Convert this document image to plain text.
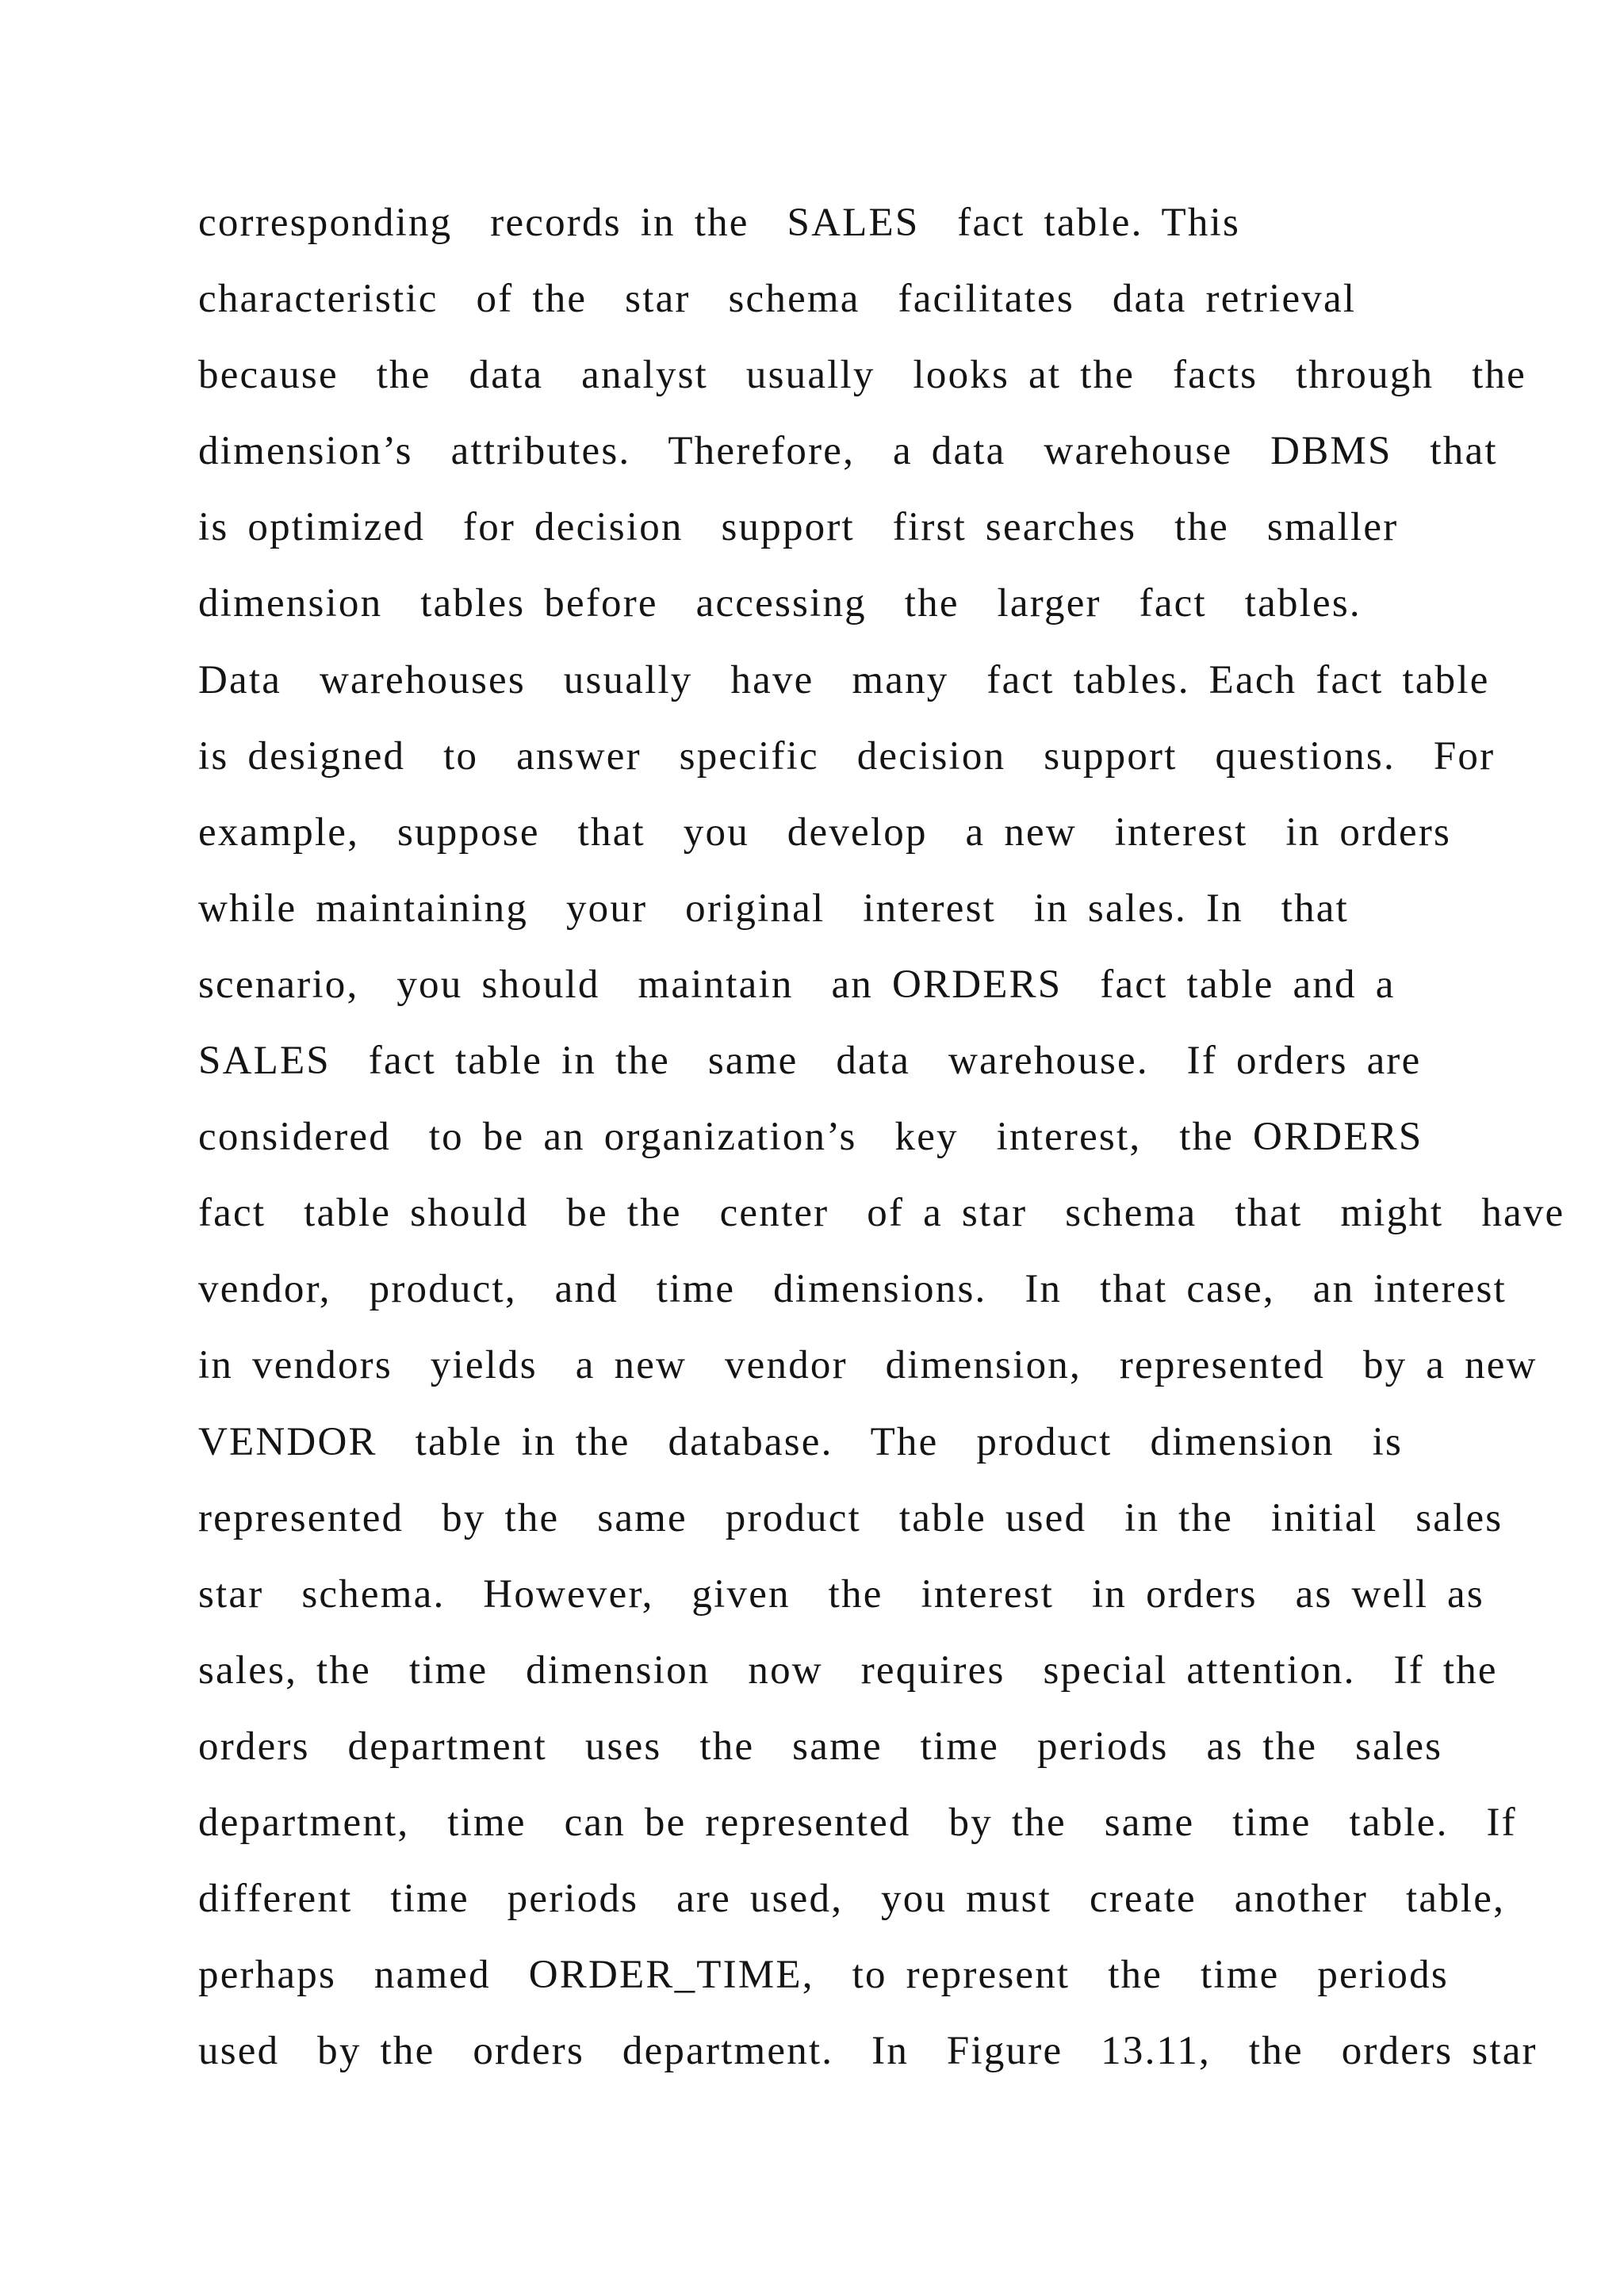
corresponding  records in the  SALES  fact table. This
characteristic  of the  star  schema  facilitates  data retrieval
because  the  data  analyst  usually  looks at the  facts  through  the
dimension’s  attributes.  Therefore,  a data  warehouse  DBMS  that
is optimized  for decision  support  first searches  the  smaller
dimension  tables before  accessing  the  larger  fact  tables.
Data  warehouses  usually  have  many  fact tables. Each fact table
is designed  to  answer  specific  decision  support  questions.  For
example,  suppose  that  you  develop  a new  interest  in orders
while maintaining  your  original  interest  in sales. In  that
scenario,  you should  maintain  an ORDERS  fact table and a
SALES  fact table in the  same  data  warehouse.  If orders are
considered  to be an organization’s  key  interest,  the ORDERS
fact  table should  be the  center  of a star  schema  that  might  have
vendor,  product,  and  time  dimensions.  In  that case,  an interest
in vendors  yields  a new  vendor  dimension,  represented  by a new
VENDOR  table in the  database.  The  product  dimension  is
represented  by the  same  product  table used  in the  initial  sales
star  schema.  However,  given  the  interest  in orders  as well as
sales, the  time  dimension  now  requires  special attention.  If the
orders  department  uses  the  same  time  periods  as the  sales
department,  time  can be represented  by the  same  time  table.  If
different  time  periods  are used,  you must  create  another  table,
perhaps  named  ORDER_TIME,  to represent  the  time  periods
used  by the  orders  department.  In  Figure  13.11,  the  orders star
